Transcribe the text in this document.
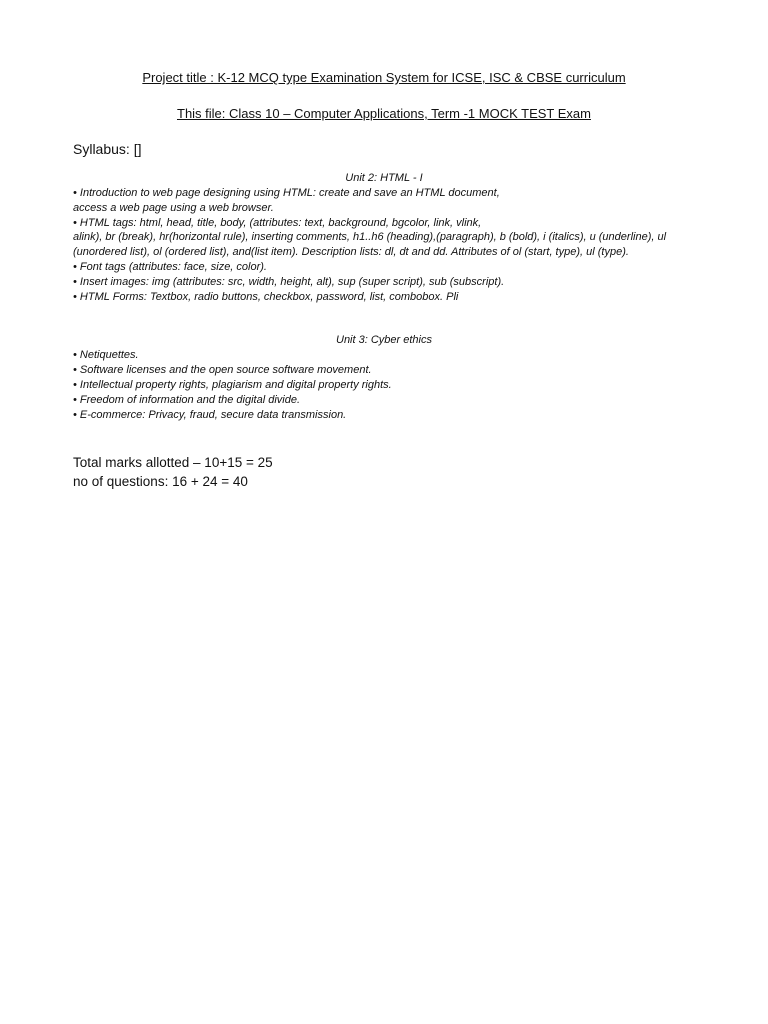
Project title : K-12 MCQ type Examination System for ICSE, ISC & CBSE curriculum
This file: Class 10 – Computer Applications, Term -1 MOCK TEST Exam
Syllabus: []
Unit 2: HTML - I
• Introduction to web page designing using HTML: create and save an HTML document,
access a web page using a web browser.
• HTML tags: html, head, title, body, (attributes: text, background, bgcolor, link, vlink,
alink), br (break), hr(horizontal rule), inserting comments, h1..h6 (heading),(paragraph), b (bold), i (italics), u (underline), ul (unordered list), ol (ordered list), and(list item). Description lists: dl, dt and dd. Attributes of ol (start, type), ul (type).
• Font tags (attributes: face, size, color).
• Insert images: img (attributes: src, width, height, alt), sup (super script), sub (subscript).
• HTML Forms: Textbox, radio buttons, checkbox, password, list, combobox. Pli
Unit 3: Cyber ethics
• Netiquettes.
• Software licenses and the open source software movement.
• Intellectual property rights, plagiarism and digital property rights.
• Freedom of information and the digital divide.
• E-commerce: Privacy, fraud, secure data transmission.
Total marks allotted – 10+15 = 25
no of questions: 16 + 24 = 40
